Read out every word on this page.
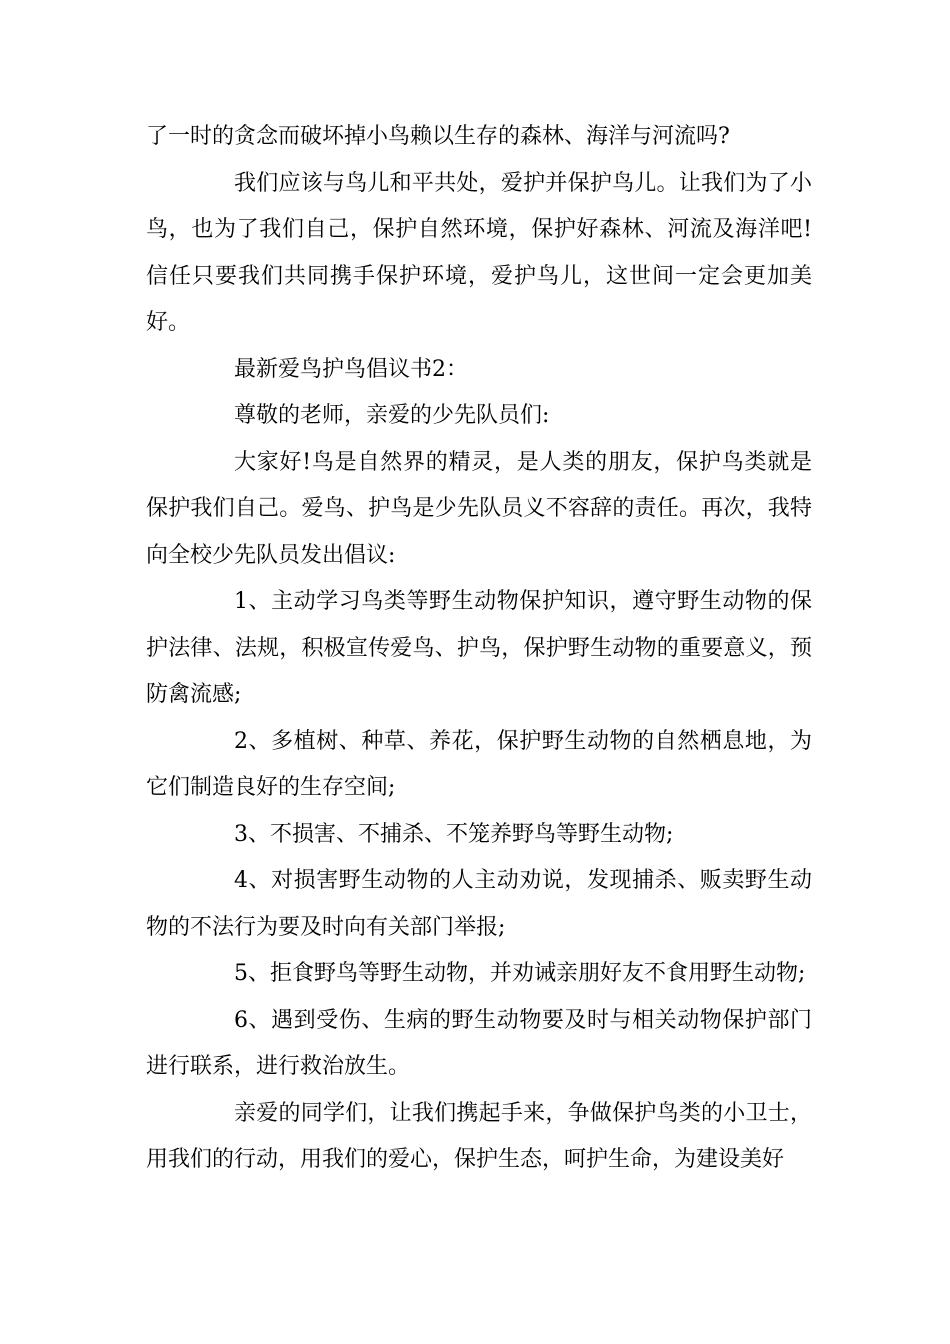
了一时的贪念而破坏掉小鸟赖以生存的森林、海洋与河流吗?

我们应该与鸟儿和平共处，爱护并保护鸟儿。让我们为了小鸟，也为了我们自己，保护自然环境，保护好森林、河流及海洋吧!信任只要我们共同携手保护环境，爱护鸟儿，这世间一定会更加美好。

最新爱鸟护鸟倡议书2：

尊敬的老师，亲爱的少先队员们:

大家好!鸟是自然界的精灵，是人类的朋友，保护鸟类就是保护我们自己。爱鸟、护鸟是少先队员义不容辞的责任。再次，我特向全校少先队员发出倡议:

1、主动学习鸟类等野生动物保护知识，遵守野生动物的保护法律、法规，积极宣传爱鸟、护鸟，保护野生动物的重要意义，预防禽流感;

2、多植树、种草、养花，保护野生动物的自然栖息地，为它们制造良好的生存空间;

3、不损害、不捕杀、不笼养野鸟等野生动物;

4、对损害野生动物的人主动劝说，发现捕杀、贩卖野生动物的不法行为要及时向有关部门举报;

5、拒食野鸟等野生动物，并劝诫亲朋好友不食用野生动物;

6、遇到受伤、生病的野生动物要及时与相关动物保护部门进行联系，进行救治放生。

亲爱的同学们，让我们携起手来，争做保护鸟类的小卫士，用我们的行动，用我们的爱心，保护生态，呵护生命，为建设美好
